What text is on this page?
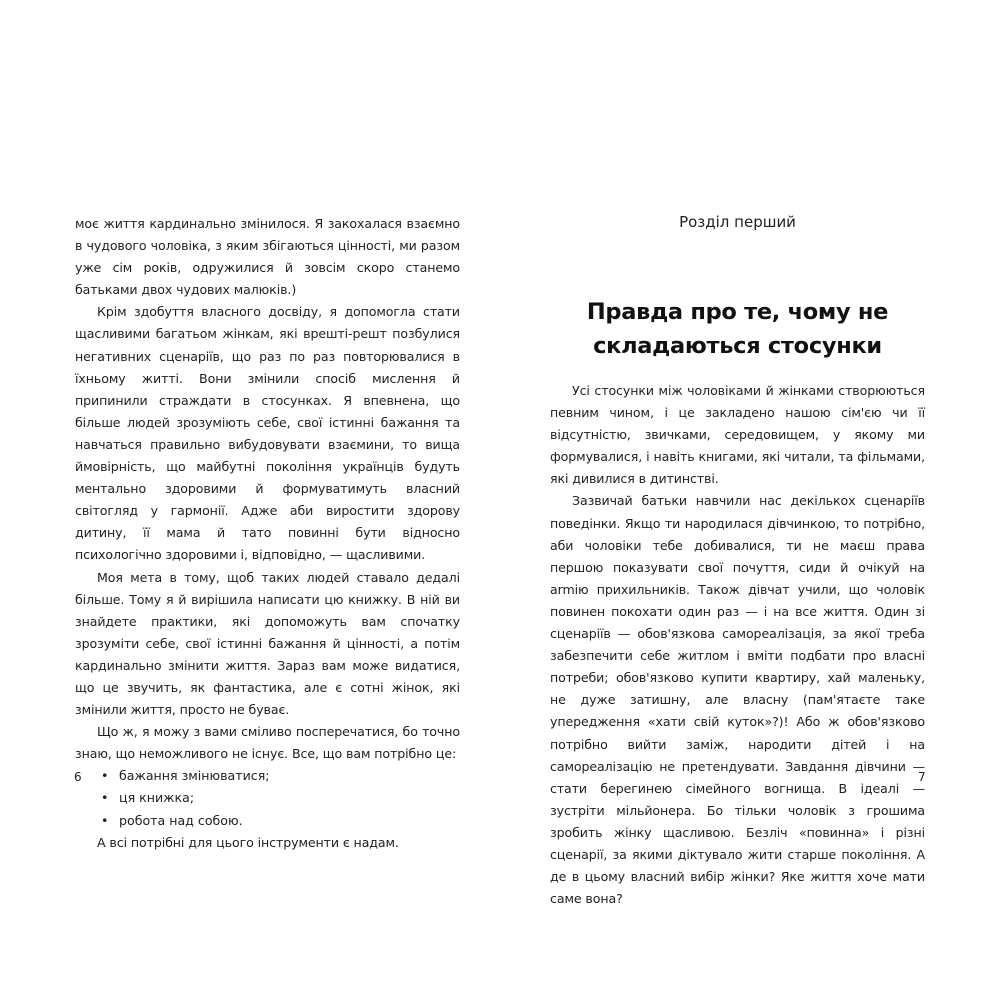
моє життя кардинально змінилося. Я закохалася взаємно в чудового чоловіка, з яким збігаються цінності, ми разом уже сім років, одружилися й зовсім скоро станемо батьками двох чудових малюків.)

Крім здобуття власного досвіду, я допомогла стати щасливими багатьом жінкам, які врешті-решт позбулися негативних сценаріїв, що раз по раз повторювалися в їхньому житті. Вони змінили спосіб мислення й припинили страждати в стосунках. Я впевнена, що більше людей зрозуміють себе, свої істинні бажання та навчаться правильно вибудовувати взаємини, то вища ймовірність, що майбутні покоління українців будуть ментально здоровими й формуватимуть власний світогляд у гармонії. Адже аби виростити здорову дитину, її мама й тато повинні бути відносно психологічно здоровими і, відповідно, — щасливими.

Моя мета в тому, щоб таких людей ставало дедалі більше. Тому я й вирішила написати цю книжку. В ній ви знайдете практики, які допоможуть вам спочатку зрозуміти себе, свої істинні бажання й цінності, а потім кардинально змінити життя. Зараз вам може видатися, що це звучить, як фантастика, але є сотні жінок, які змінили життя, просто не буває.

Що ж, я можу з вами сміливо посперечатися, бо точно знаю, що неможливого не існує. Все, що вам потрібно це:

• бажання змінюватися;
• ця книжка;
• робота над собою.

А всі потрібні для цього інструменти є надам.

6

Розділ перший

Правда про те, чому не складаються стосунки

Усі стосунки між чоловіками й жінками створюються певним чином, і це закладено нашою сім'єю чи її відсутністю, звичками, середовищем, у якому ми формувалися, і навіть книгами, які читали, та фільмами, які дивилися в дитинстві.

Зазвичай батьки навчили нас декількох сценаріїв поведінки. Якщо ти народилася дівчинкою, то потрібно, аби чоловіки тебе добивалися, ти не маєш права першою показувати свої почуття, сиди й очікуй на armію прихильників. Також дівчат учили, що чоловік повинен покохати один раз — і на все життя. Один зі сценаріїв — обов'язкова самореалізація, за якої треба забезпечити себе житлом і вміти подбати про власні потреби; обов'язково купити квартиру, хай маленьку, не дуже затишну, але власну (пам'ятаєте таке упередження «хати свій куток»?)! Або ж обов'язково потрібно вийти заміж, народити дітей і на самореалізацію не претендувати. Завдання дівчини — стати берегинею сімейного вогнища. В ідеалі — зустріти мільйонера. Бо тільки чоловік з грошима зробить жінку щасливою. Безліч «повинна» і різні сценарії, за якими діктувало жити старше покоління. А де в цьому власний вибір жінки? Яке життя хоче мати саме вона?

7
